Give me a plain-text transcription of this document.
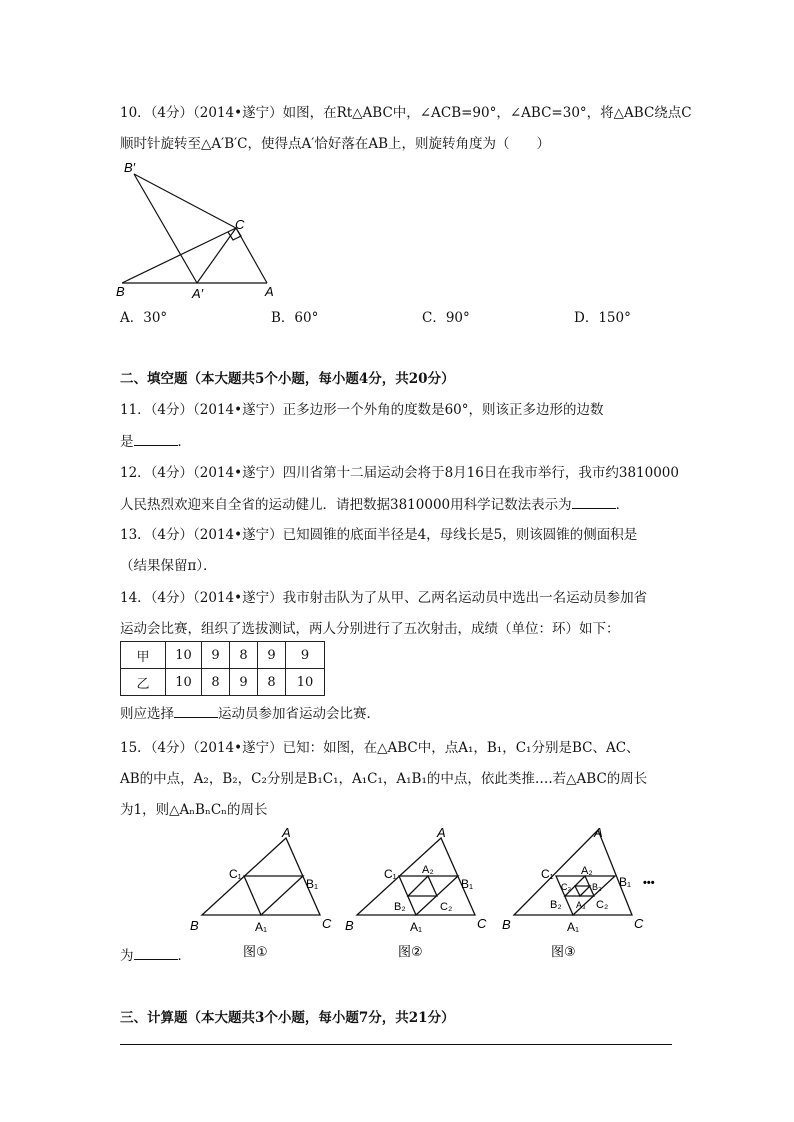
10．（4分）（2014•遂宁）如图，在Rt△ABC中，∠ACB=90°，∠ABC=30°，将△ABC绕点C
顺时针旋转至△A′B′C，使得点A′恰好落在AB上，则旋转角度为（　　）
B′
C
B	A′	A
A．30°	B．60°	C．90°	D．150°
二、填空题（本大题共5个小题，每小题4分，共20分）
11．（4分）（2014•遂宁）正多边形一个外角的度数是60°，则该正多边形的边数
是	．
12．（4分）（2014•遂宁）四川省第十二届运动会将于8月16日在我市举行，我市约3810000
人民热烈欢迎来自全省的运动健儿．请把数据3810000用科学记数法表示为	．
13．（4分）（2014•遂宁）已知圆锥的底面半径是4，母线长是5，则该圆锥的侧面积是
（结果保留π）．
14．（4分）（2014•遂宁）我市射击队为了从甲、乙两名运动员中选出一名运动员参加省
运动会比赛，组织了选拔测试，两人分别进行了五次射击，成绩（单位：环）如下：
甲	10	9	8	9	9
乙	10	8	9	8	10
则应选择	运动员参加省运动会比赛．
15．（4分）（2014•遂宁）已知：如图，在△ABC中，点A₁，B₁，C₁分别是BC、AC、
AB的中点，A₂，B₂，C₂分别是B₁C₁，A₁C₁，A₁B₁的中点，依此类推….若△ABC的周长
为1，则△AₙBₙCₙ的周长
A
B	C
C₁
B₁
A₁
图①
A
B	C
C₁
B₁
A₁
A₂
B₂	C₂
图②
A
B	C
C₁
B₁ •••
A₁
A₂
B₂	C₂
C₃ B₃
A₃
图③
为	．
三、计算题（本大题共3个小题，每小题7分，共21分）
